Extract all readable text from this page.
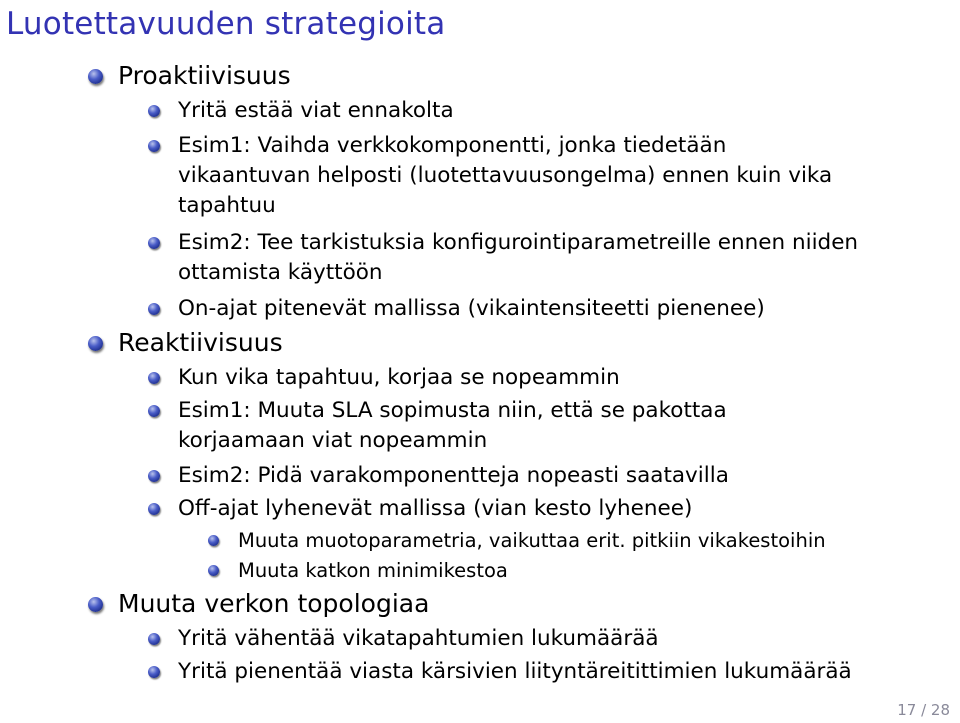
Luotettavuuden strategioita
Proaktiivisuus
Yritä estää viat ennakolta
Esim1: Vaihda verkkokomponentti, jonka tiedetään
vikaantuvan helposti (luotettavuusongelma) ennen kuin vika
tapahtuu
Esim2: Tee tarkistuksia konfigurointiparametreille ennen niiden
ottamista käyttöön
On-ajat pitenevät mallissa (vikaintensiteetti pienenee)
Reaktiivisuus
Kun vika tapahtuu, korjaa se nopeammin
Esim1: Muuta SLA sopimusta niin, että se pakottaa
korjaamaan viat nopeammin
Esim2: Pidä varakomponentteja nopeasti saatavilla
Off-ajat lyhenevät mallissa (vian kesto lyhenee)
Muuta muotoparametria, vaikuttaa erit. pitkiin vikakestoihin
Muuta katkon minimikestoa
Muuta verkon topologiaa
Yritä vähentää vikatapahtumien lukumäärää
Yritä pienentää viasta kärsivien liityntäreitittimien lukumäärää
17 / 28
